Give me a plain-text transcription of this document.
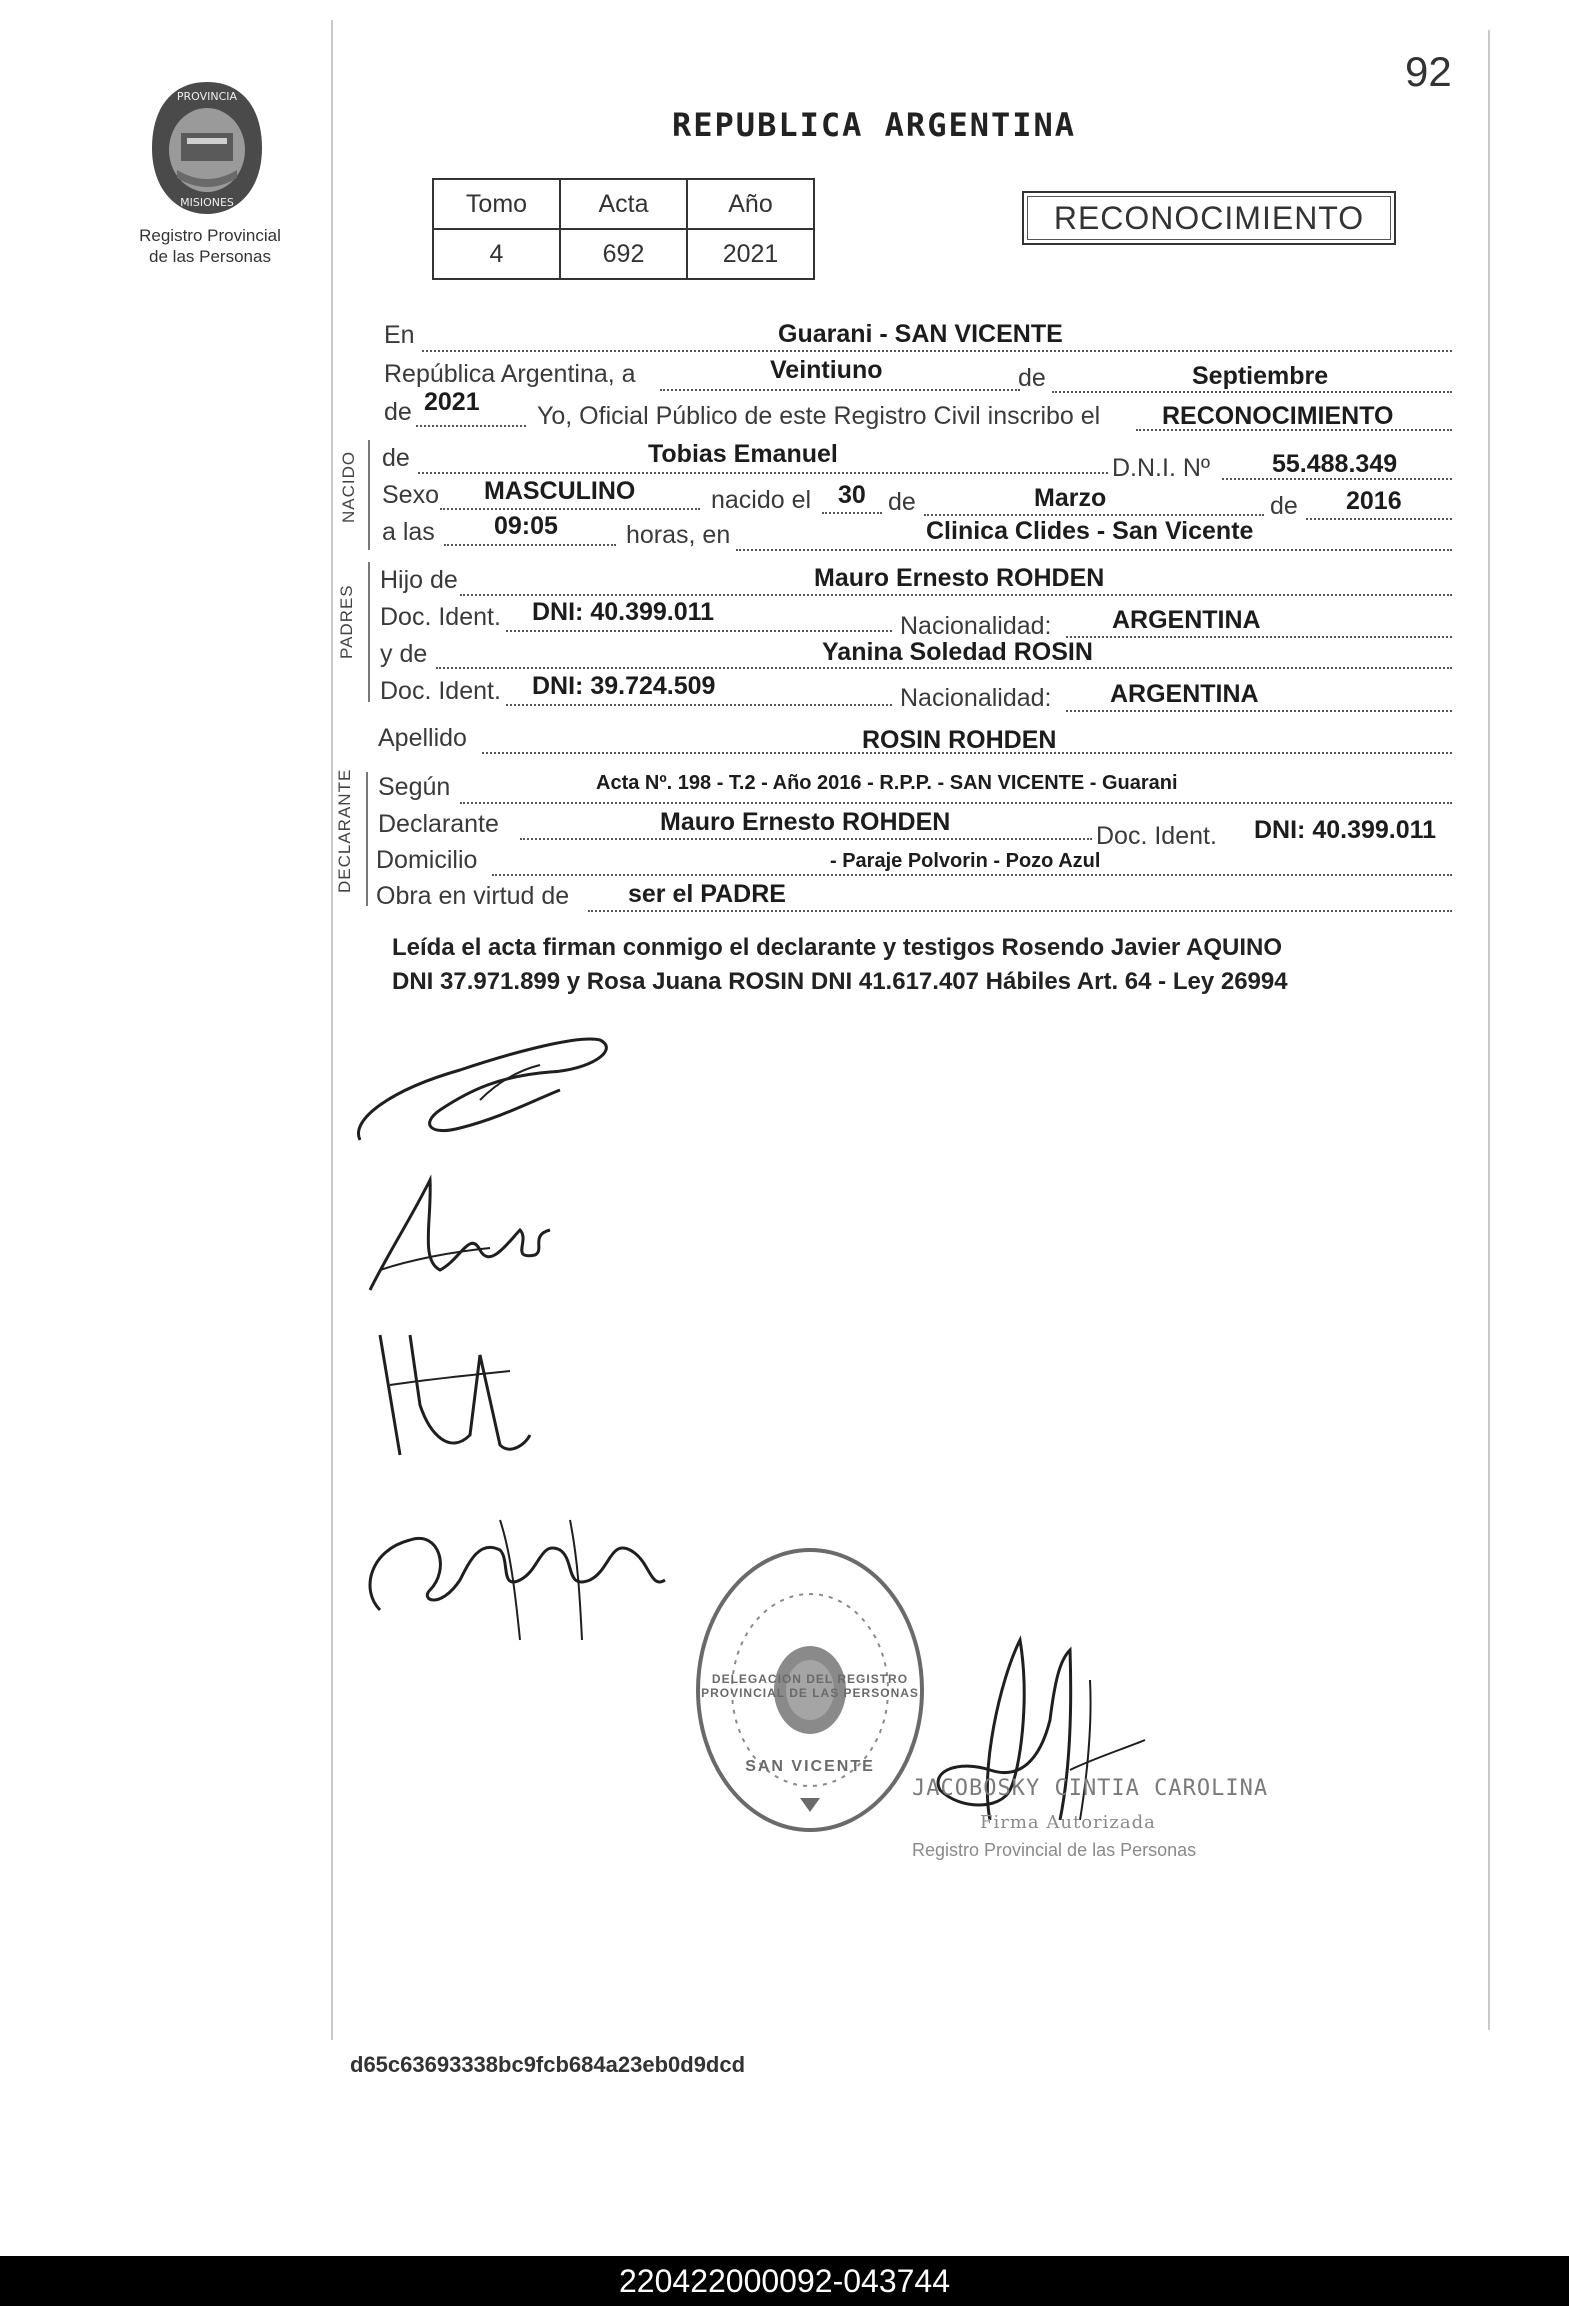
92
PROVINCIA
MISIONES
Registro Provincial
de las Personas
REPUBLICA ARGENTINA
Tomo	Acta	Año
4	692	2021
RECONOCIMIENTO
En	Guarani - SAN VICENTE
República Argentina, a	Veintiuno	de	Septiembre
de 2021 Yo, Oficial Público de este Registro Civil inscribo el RECONOCIMIENTO
NACIDO de	Tobias Emanuel	D.N.I. Nº 55.488.349
Sexo MASCULINO	nacido el 30 de	Marzo	de 2016
a las 09:05	horas, en	Clinica Clides - San Vicente
PADRES
Hijo de	Mauro Ernesto ROHDEN
Doc. Ident. DNI: 40.399.011	Nacionalidad: ARGENTINA
y de	Yanina Soledad ROSIN
Doc. Ident. DNI: 39.724.509	Nacionalidad: ARGENTINA
Apellido	ROSIN ROHDEN
DECLARANTE Según	Acta Nº. 198 - T.2 - Año 2016 - R.P.P. - SAN VICENTE - Guarani
Declarante	Mauro Ernesto ROHDEN	Doc. Ident. DNI: 40.399.011
Domicilio	- Paraje Polvorin - Pozo Azul
Obra en virtud de ser el PADRE
Leída el acta firman conmigo el declarante y testigos Rosendo Javier AQUINO
DNI 37.971.899 y Rosa Juana ROSIN DNI 41.617.407 Hábiles Art. 64 - Ley 26994
DELEGACION DEL REGISTRO PROVINCIAL DE LAS PERSONAS
SAN VICENTE
JACOBOSKY CINTIA CAROLINA
Firma Autorizada
Registro Provincial de las Personas
d65c63693338bc9fcb684a23eb0d9dcd
220422000092-043744
